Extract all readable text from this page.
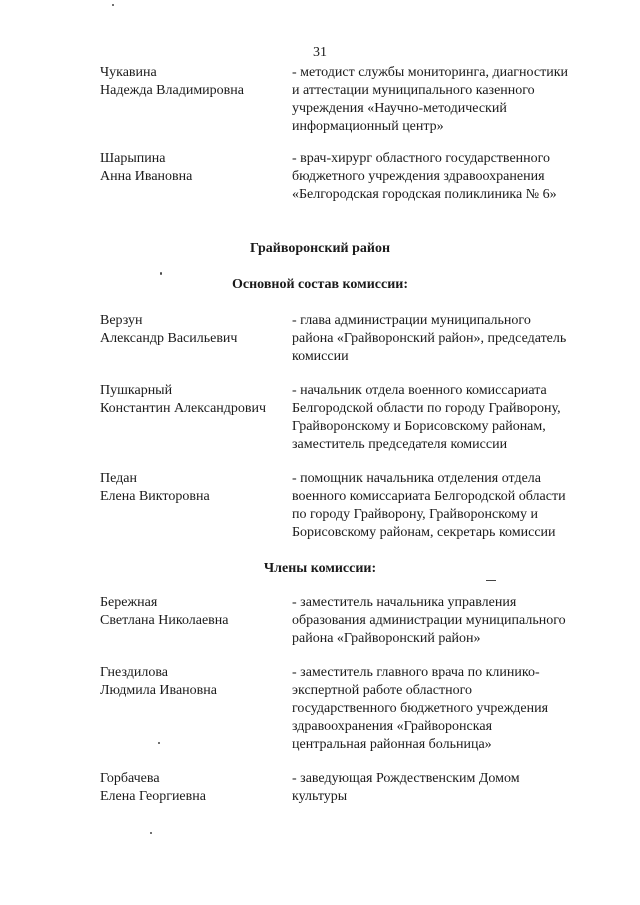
31
Чукавина
Надежда Владимировна
- методист службы мониторинга, диагностики
и аттестации муниципального казенного
учреждения «Научно-методический
информационный центр»
Шарыпина
Анна Ивановна
- врач-хирург областного государственного
бюджетного учреждения здравоохранения
«Белгородская городская поликлиника № 6»
Грайворонский район
Основной состав комиссии:
Верзун
Александр Васильевич
- глава администрации муниципального
района «Грайворонский район», председатель
комиссии
Пушкарный
Константин Александрович
- начальник отдела военного комиссариата
Белгородской области по городу Грайворону,
Грайворонскому и Борисовскому районам,
заместитель председателя комиссии
Педан
Елена Викторовна
- помощник начальника отделения отдела
военного комиссариата Белгородской области
по городу Грайворону, Грайворонскому и
Борисовскому районам, секретарь комиссии
Члены комиссии:
Бережная
Светлана Николаевна
- заместитель начальника управления
образования администрации муниципального
района «Грайворонский район»
Гнездилова
Людмила Ивановна
- заместитель главного врача по клинико-
экспертной работе областного
государственного бюджетного учреждения
здравоохранения «Грайворонская
центральная районная больница»
Горбачева
Елена Георгиевна
- заведующая Рождественским Домом
культуры
